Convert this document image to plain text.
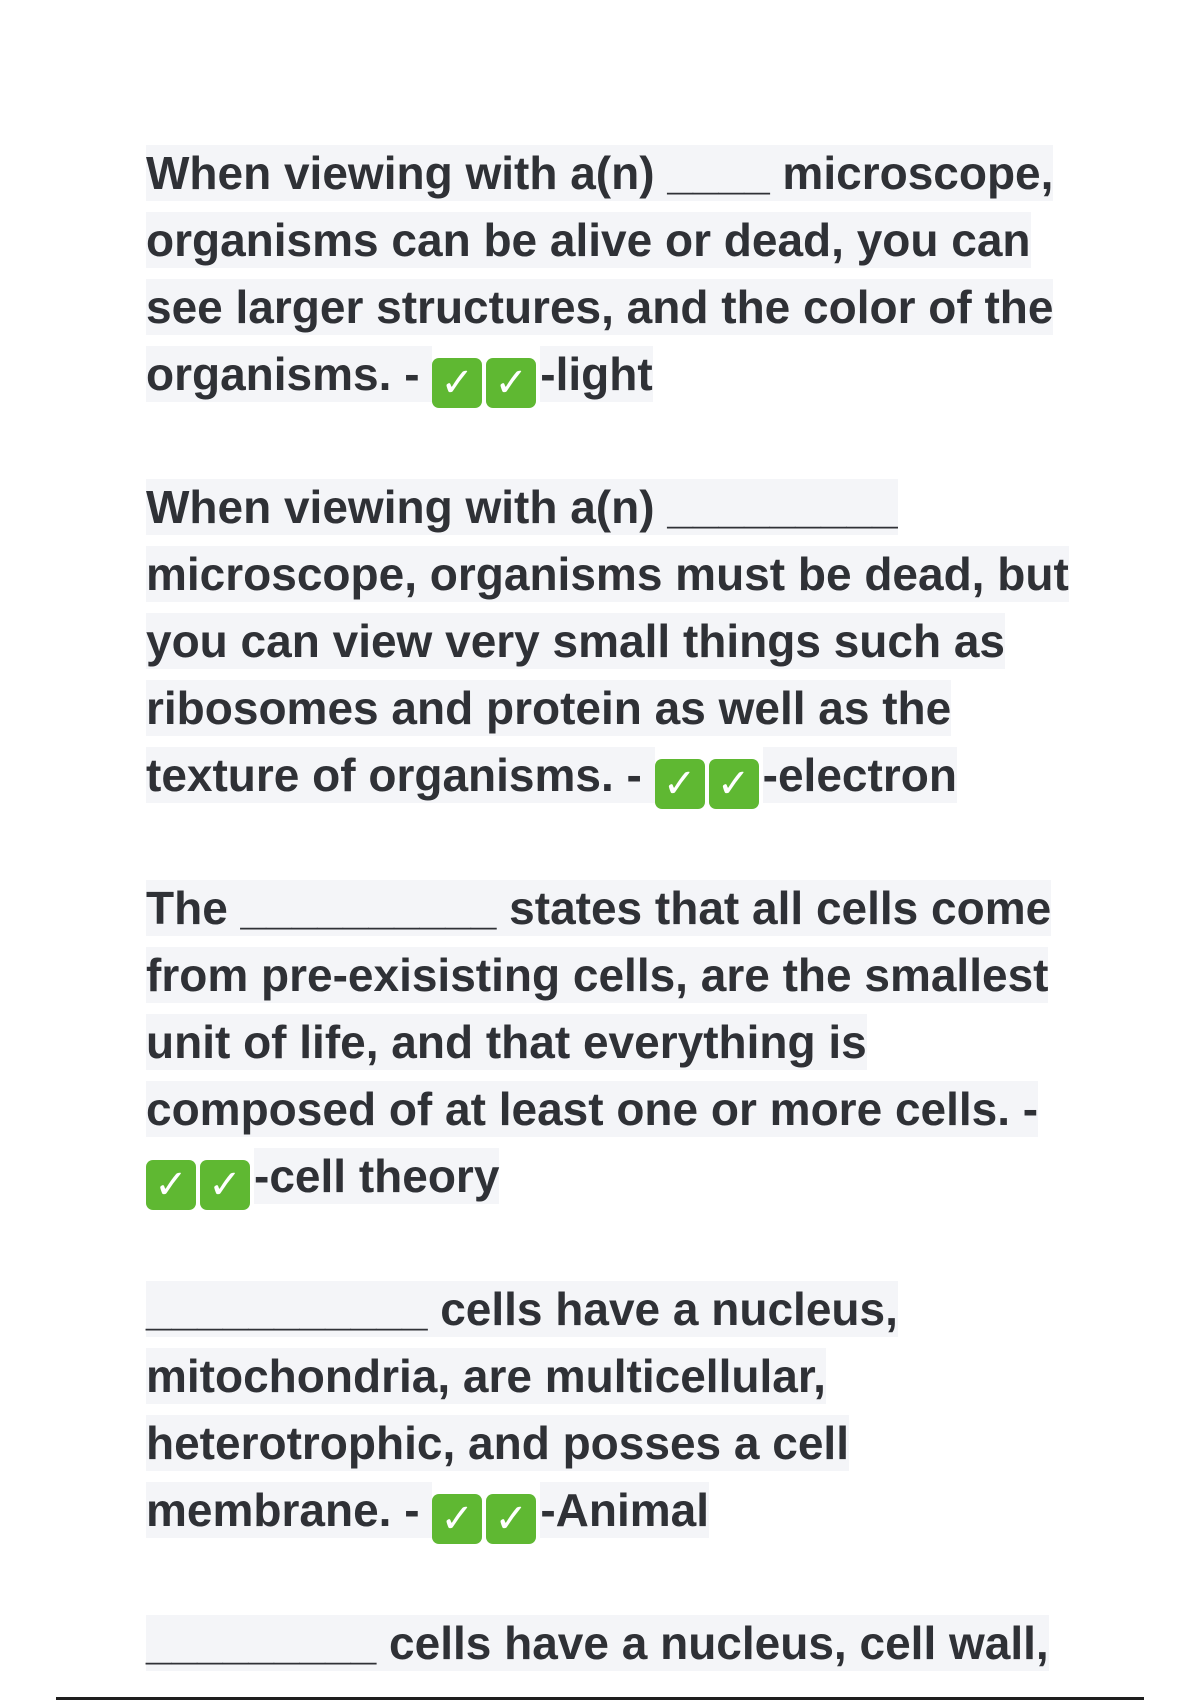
When viewing with a(n) ____ microscope, organisms can be alive or dead, you can see larger structures, and the color of the organisms. - ✓ ✓ -light

When viewing with a(n) _________ microscope, organisms must be dead, but you can view very small things such as ribosomes and protein as well as the texture of organisms. - ✓ ✓ -electron

The __________ states that all cells come from pre-exisisting cells, are the smallest unit of life, and that everything is composed of at least one or more cells. - ✓ ✓ -cell theory

___________ cells have a nucleus, mitochondria, are multicellular, heterotrophic, and posses a cell membrane. - ✓ ✓ -Animal

_________ cells have a nucleus, cell wall,
